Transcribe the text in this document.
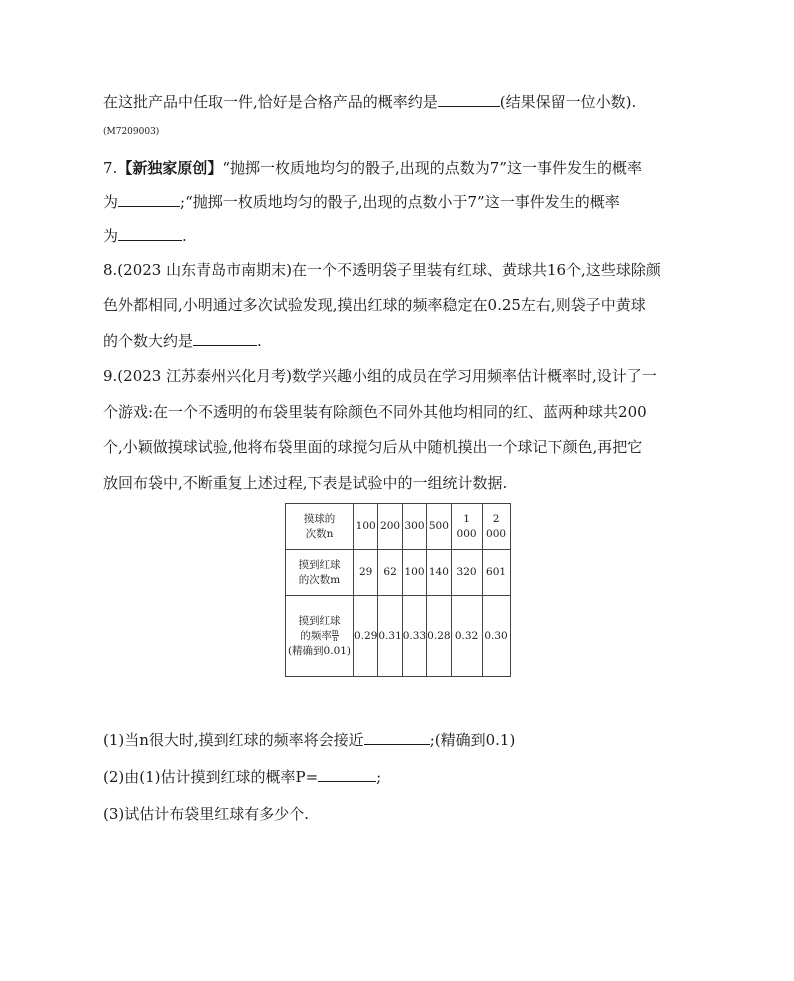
在这批产品中任取一件,恰好是合格产品的概率约是	(结果保留一位小数).
(M7209003)
7.【新独家原创】“抛掷一枚质地均匀的骰子,出现的点数为7”这一事件发生的概率
为	;“抛掷一枚质地均匀的骰子,出现的点数小于7”这一事件发生的概率
为	.
8.(2023 山东青岛市南期末)在一个不透明袋子里装有红球、黄球共16个,这些球除颜
色外都相同,小明通过多次试验发现,摸出红球的频率稳定在0.25左右,则袋子中黄球
的个数大约是	.
9.(2023 江苏泰州兴化月考)数学兴趣小组的成员在学习用频率估计概率时,设计了一
个游戏:在一个不透明的布袋里装有除颜色不同外其他均相同的红、蓝两种球共200
个,小颖做摸球试验,他将布袋里面的球搅匀后从中随机摸出一个球记下颜色,再把它
放回布袋中,不断重复上述过程,下表是试验中的一组统计数据.
摸球的
次数n	100	200	300	500	1 000	2 000
摸到红球
的次数m	29	62	100	140	320	601
摸到红球
的频率 $\frac{m}{n}$

(精确到0.01)	0.29	0.31	0.33	0.28	0.32	0.30
(1)当n很大时,摸到红球的频率将会接近	;(精确到0.1)
(2)由(1)估计摸到红球的概率P=	;
(3)试估计布袋里红球有多少个.
